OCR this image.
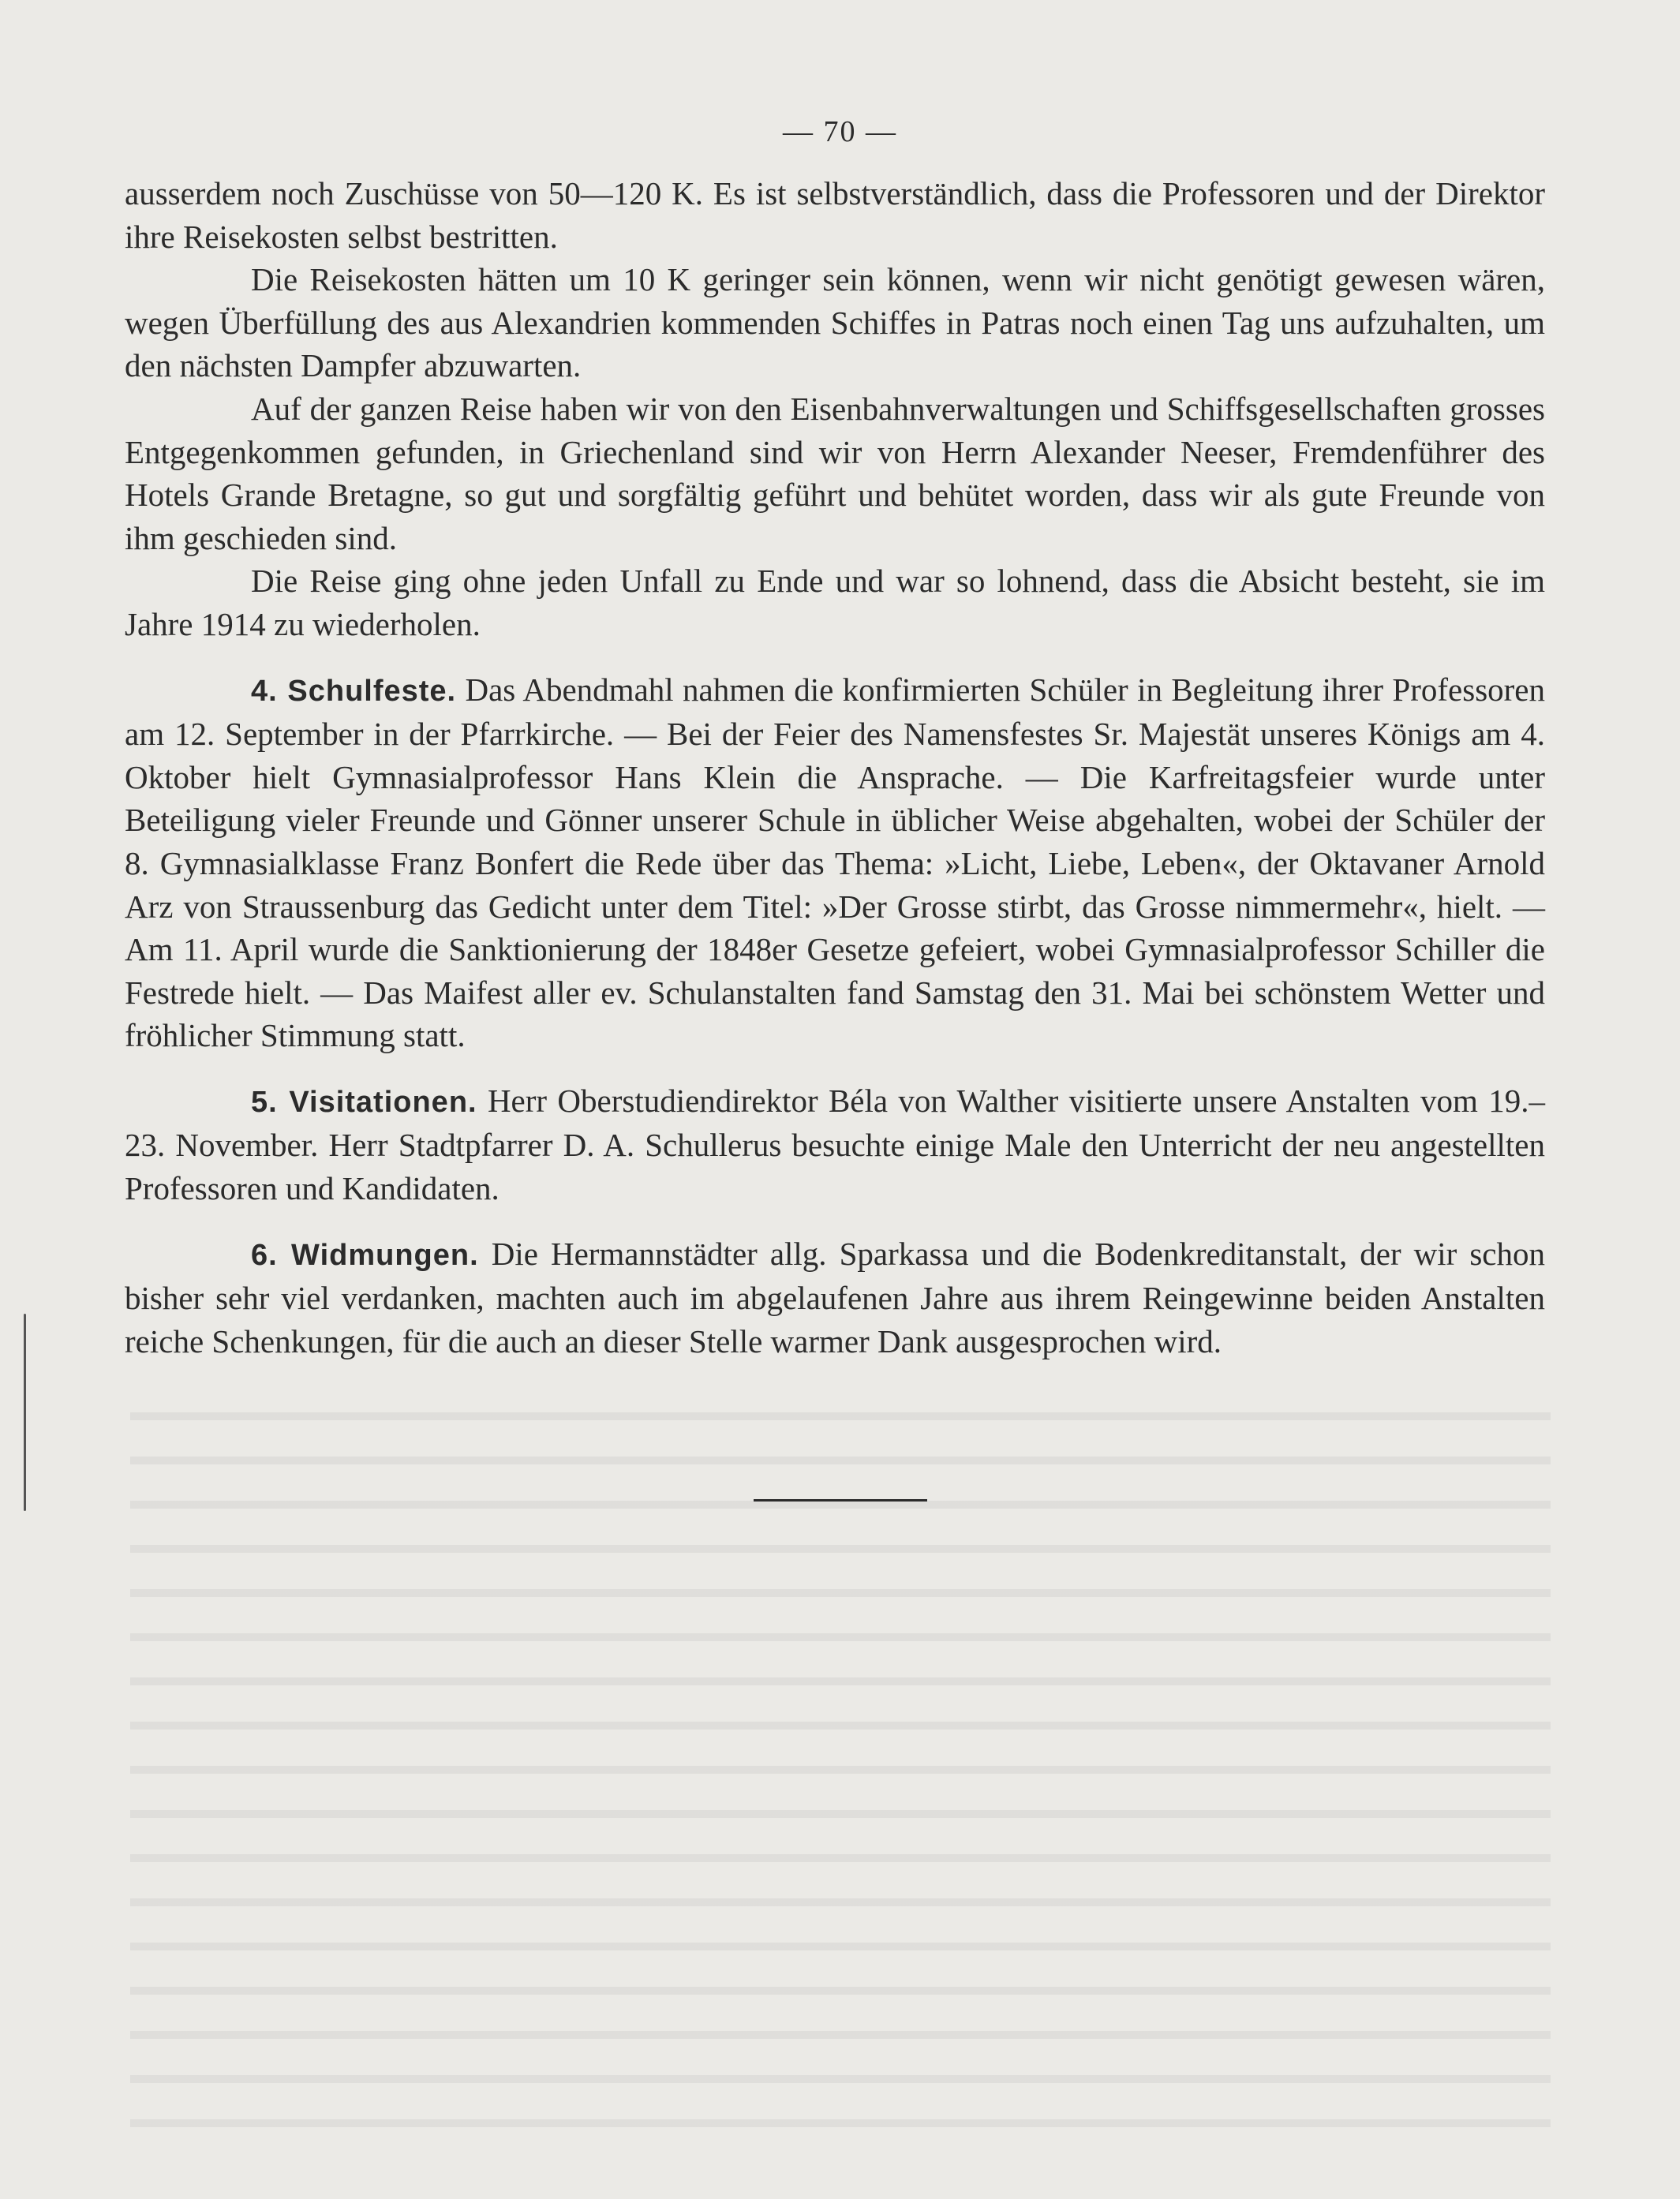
— 70 —

ausserdem noch Zuschüsse von 50—120 K. Es ist selbstverständlich, dass die Professoren und der Direktor ihre Reisekosten selbst bestritten.

Die Reisekosten hätten um 10 K geringer sein können, wenn wir nicht genötigt gewesen wären, wegen Überfüllung des aus Alexandrien kommenden Schiffes in Patras noch einen Tag uns aufzuhalten, um den nächsten Dampfer abzuwarten.

Auf der ganzen Reise haben wir von den Eisenbahnverwaltungen und Schiffsgesellschaften grosses Entgegenkommen gefunden, in Griechenland sind wir von Herrn Alexander Neeser, Fremdenführer des Hotels Grande Bretagne, so gut und sorgfältig geführt und behütet worden, dass wir als gute Freunde von ihm geschieden sind.

Die Reise ging ohne jeden Unfall zu Ende und war so lohnend, dass die Absicht besteht, sie im Jahre 1914 zu wiederholen.

4. Schulfeste. Das Abendmahl nahmen die konfirmierten Schüler in Begleitung ihrer Professoren am 12. September in der Pfarrkirche. — Bei der Feier des Namensfestes Sr. Majestät unseres Königs am 4. Oktober hielt Gymnasialprofessor Hans Klein die Ansprache. — Die Karfreitagsfeier wurde unter Beteiligung vieler Freunde und Gönner unserer Schule in üblicher Weise abgehalten, wobei der Schüler der 8. Gymnasialklasse Franz Bonfert die Rede über das Thema: »Licht, Liebe, Leben«, der Oktavaner Arnold Arz von Straussenburg das Gedicht unter dem Titel: »Der Grosse stirbt, das Grosse nimmermehr«, hielt. — Am 11. April wurde die Sanktionierung der 1848er Gesetze gefeiert, wobei Gymnasialprofessor Schiller die Festrede hielt. — Das Maifest aller ev. Schulanstalten fand Samstag den 31. Mai bei schönstem Wetter und fröhlicher Stimmung statt.

5. Visitationen. Herr Oberstudiendirektor Béla von Walther visitierte unsere Anstalten vom 19.–23. November. Herr Stadtpfarrer D. A. Schullerus besuchte einige Male den Unterricht der neu angestellten Professoren und Kandidaten.

6. Widmungen. Die Hermannstädter allg. Sparkassa und die Bodenkreditanstalt, der wir schon bisher sehr viel verdanken, machten auch im abgelaufenen Jahre aus ihrem Reingewinne beiden Anstalten reiche Schenkungen, für die auch an dieser Stelle warmer Dank ausgesprochen wird.
